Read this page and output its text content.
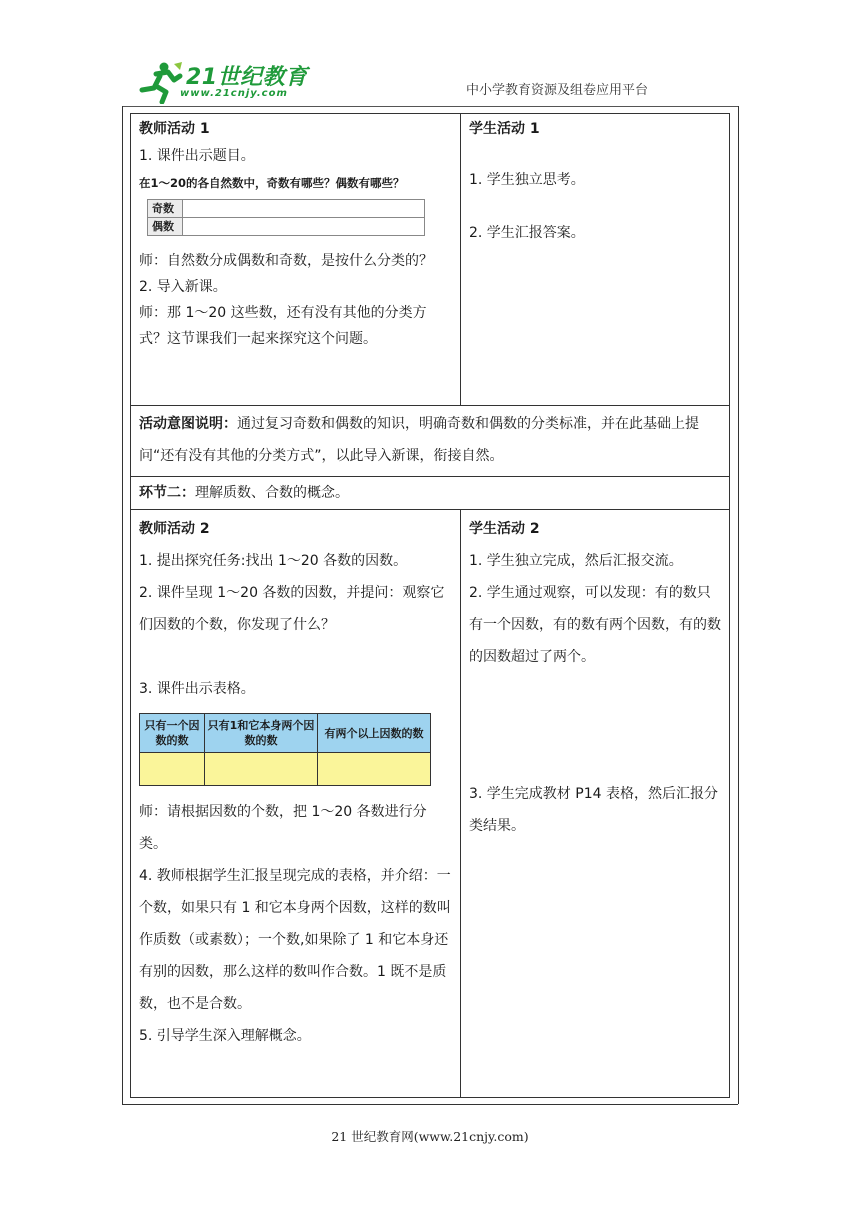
21世纪教育
www.21cnjy.com	中小学教育资源及组卷应用平台

教师活动 1

1. 课件出示题目。

在1～20的各自然数中，奇数有哪些？偶数有哪些？

奇数	
偶数	

师：自然数分成偶数和奇数，是按什么分类的？

2. 导入新课。

师：那 1～20 这些数，还有没有其他的分类方式？这节课我们一起来探究这个问题。

学生活动 1

1. 学生独立思考。

2. 学生汇报答案。

活动意图说明：通过复习奇数和偶数的知识，明确奇数和偶数的分类标准，并在此基础上提问“还有没有其他的分类方式”，以此导入新课，衔接自然。
环节二：理解质数、合数的概念。

教师活动 2

1. 提出探究任务:找出 1～20 各数的因数。

2. 课件呈现 1～20 各数的因数，并提问：观察它们因数的个数，你发现了什么？

3. 课件出示表格。

只有一个因数的数	只有1和它本身两个因数的数	有两个以上因数的数

师：请根据因数的个数，把 1～20 各数进行分类。

4. 教师根据学生汇报呈现完成的表格，并介绍：一个数，如果只有 1 和它本身两个因数，这样的数叫作质数（或素数）；一个数,如果除了 1 和它本身还有别的因数，那么这样的数叫作合数。1 既不是质数，也不是合数。

5. 引导学生深入理解概念。

学生活动 2

1. 学生独立完成，然后汇报交流。

2. 学生通过观察，可以发现：有的数只有一个因数，有的数有两个因数，有的数的因数超过了两个。

3. 学生完成教材 P14 表格，然后汇报分类结果。

21 世纪教育网(www.21cnjy.com)
